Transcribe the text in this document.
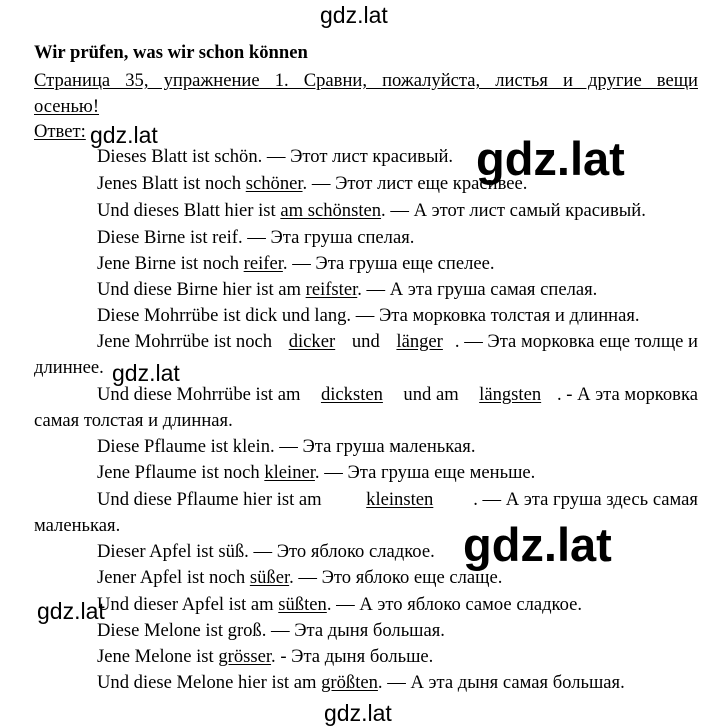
gdz.lat
gdz.lat	gdz.lat
gdz.lat
gdz.lat
gdz.lat
gdz.lat
Wir prüfen, was wir schon können
Страница 35, упражнение 1. Сравни, пожалуйста, листья и другие вещи
осенью!
Ответ:
Dieses Blatt ist schön. — Этот лист красивый.
Jenes Blatt ist noch schöner. — Этот лист еще красивее.
Und dieses Blatt hier ist am schönsten. — А этот лист самый красивый.
Diese Birne ist reif. — Эта груша спелая.
Jene Birne ist noch reifer. — Эта груша еще спелее.
Und diese Birne hier ist am reifster. — А эта груша самая спелая.
Diese Mohrrübe ist dick und lang. — Эта морковка толстая и длинная.
Jene Mohrrübe ist noch dicker und länger . — Эта морковка еще толще и
длиннее.
Und diese Mohrrübe ist am dicksten und am längsten . - А эта морковка
самая толстая и длинная.
Diese Pflaume ist klein. — Эта груша маленькая.
Jene Pflaume ist noch kleiner. — Эта груша еще меньше.
Und diese Pflaume hier ist am kleinsten . — А эта груша здесь самая
маленькая.
Dieser Apfel ist süß. — Это яблоко сладкое.
Jener Apfel ist noch süßer. — Это яблоко еще слаще.
Und dieser Apfel ist am süßten. — А это яблоко самое сладкое.
Diese Melone ist groß. — Эта дыня большая.
Jene Melone ist grösser. - Эта дыня больше.
Und diese Melone hier ist am größten. — А эта дыня самая большая.
